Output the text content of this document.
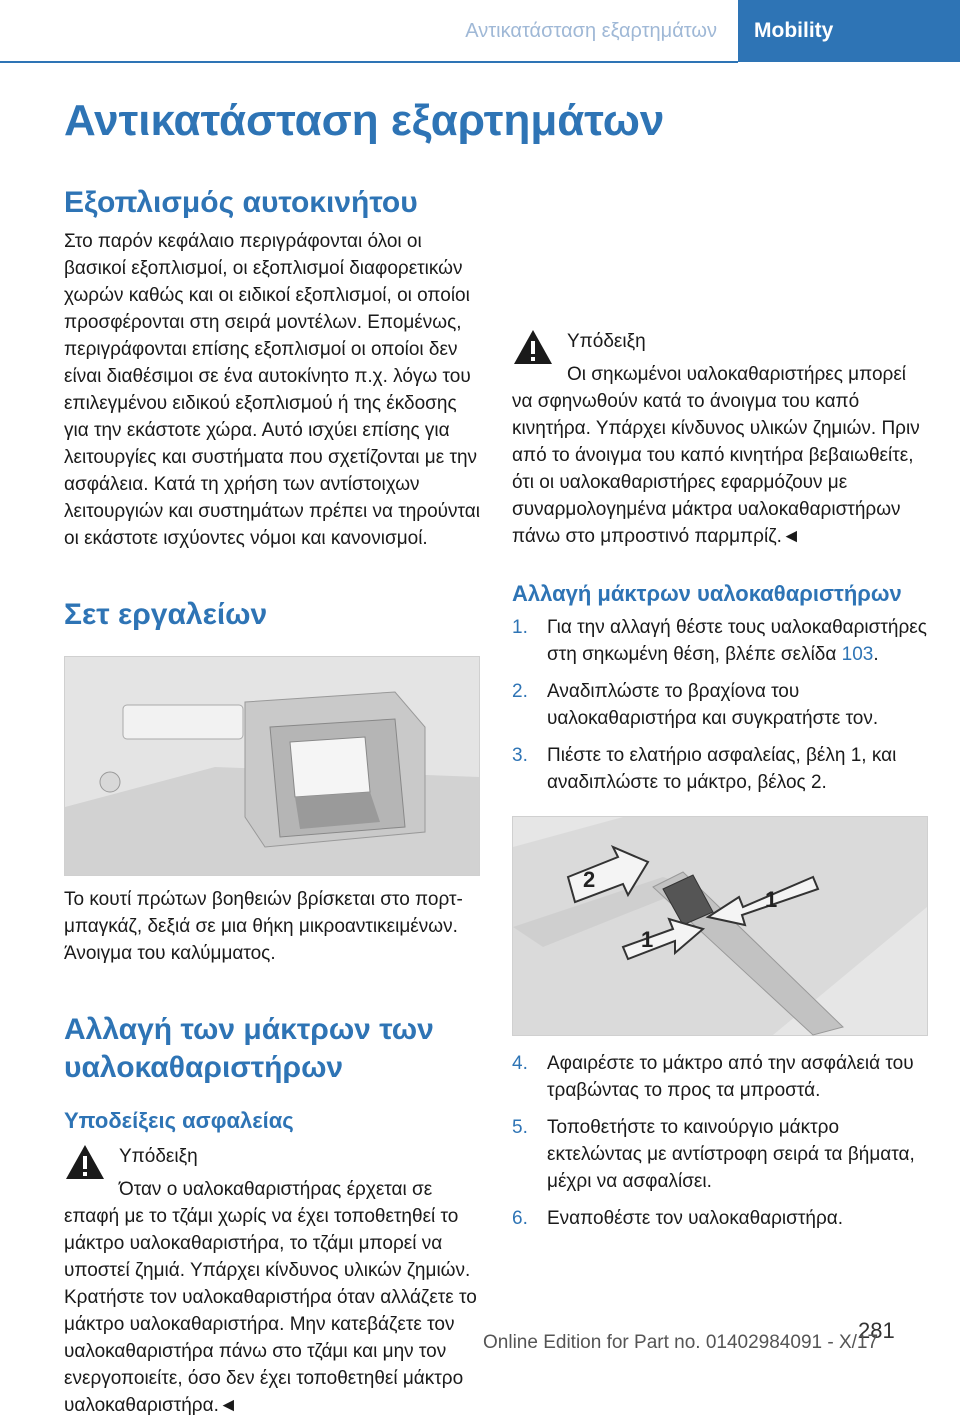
Αντικατάσταση εξαρτημάτων	Mobility
Αντικατάσταση εξαρτημάτων
Εξοπλισμός αυτοκινήτου

Στο παρόν κεφάλαιο περιγράφονται όλοι οι βασικοί εξοπλισμοί, οι εξοπλισμοί διαφορετικών χωρών καθώς και οι ειδικοί εξοπλισμοί, οι οποίοι προσφέρονται στη σειρά μοντέλων. Επομένως, περιγράφονται επίσης εξοπλισμοί οι οποίοι δεν είναι διαθέσιμοι σε ένα αυτοκίνητο π.χ. λόγω του επιλεγμένου ειδικού εξοπλισμού ή της έκδοσης για την εκάστοτε χώρα. Αυτό ισχύει επίσης για λειτουργίες και συστήματα που σχετίζονται με την ασφάλεια. Κατά τη χρήση των αντίστοιχων λειτουργιών και συστημάτων πρέπει να τηρούνται οι εκάστοτε ισχύοντες νόμοι και κανονισμοί.

Σετ εργαλείων

Το κουτί πρώτων βοηθειών βρίσκεται στο πορτ-μπαγκάζ, δεξιά σε μια θήκη μικροαντικειμένων. Άνοιγμα του καλύμματος.

Αλλαγή των μάκτρων των υαλοκαθαριστήρων
Υποδείξεις ασφαλείας
Υπόδειξη

Όταν ο υαλοκαθαριστήρας έρχεται σε επαφή με το τζάμι χωρίς να έχει τοποθετηθεί το μάκτρο υαλοκαθαριστήρα, το τζάμι μπορεί να υποστεί ζημιά. Υπάρχει κίνδυνος υλικών ζημιών. Κρατήστε τον υαλοκαθαριστήρα όταν αλλάζετε το μάκτρο υαλοκαθαριστήρα. Μην κατεβάζετε τον υαλοκαθαριστήρα πάνω στο τζάμι και μην τον ενεργοποιείτε, όσο δεν έχει τοποθετηθεί μάκτρο υαλοκαθαριστήρα.◄

Υπόδειξη

Οι σηκωμένοι υαλοκαθαριστήρες μπορεί να σφηνωθούν κατά το άνοιγμα του καπό κινητήρα. Υπάρχει κίνδυνος υλικών ζημιών. Πριν από το άνοιγμα του καπό κινητήρα βεβαιωθείτε, ότι οι υαλοκαθαριστήρες εφαρμόζουν με συναρμολογημένα μάκτρα υαλοκαθαριστήρων πάνω στο μπροστινό παρμπρίζ.◄

Αλλαγή μάκτρων υαλοκαθαριστήρων
1. Για την αλλαγή θέστε τους υαλοκαθαριστήρες στη σηκωμένη θέση, βλέπε σελίδα 103.
2. Αναδιπλώστε το βραχίονα του υαλοκαθαριστήρα και συγκρατήστε τον.
3. Πιέστε το ελατήριο ασφαλείας, βέλη 1, και αναδιπλώστε το μάκτρο, βέλος 2.
2
1
1
4. Αφαιρέστε το μάκτρο από την ασφάλειά του τραβώντας το προς τα μπροστά.
5. Τοποθετήστε το καινούργιο μάκτρο εκτελώντας με αντίστροφη σειρά τα βήματα, μέχρι να ασφαλίσει.
6. Εναποθέστε τον υαλοκαθαριστήρα.
281
Online Edition for Part no. 01402984091 - X/17
